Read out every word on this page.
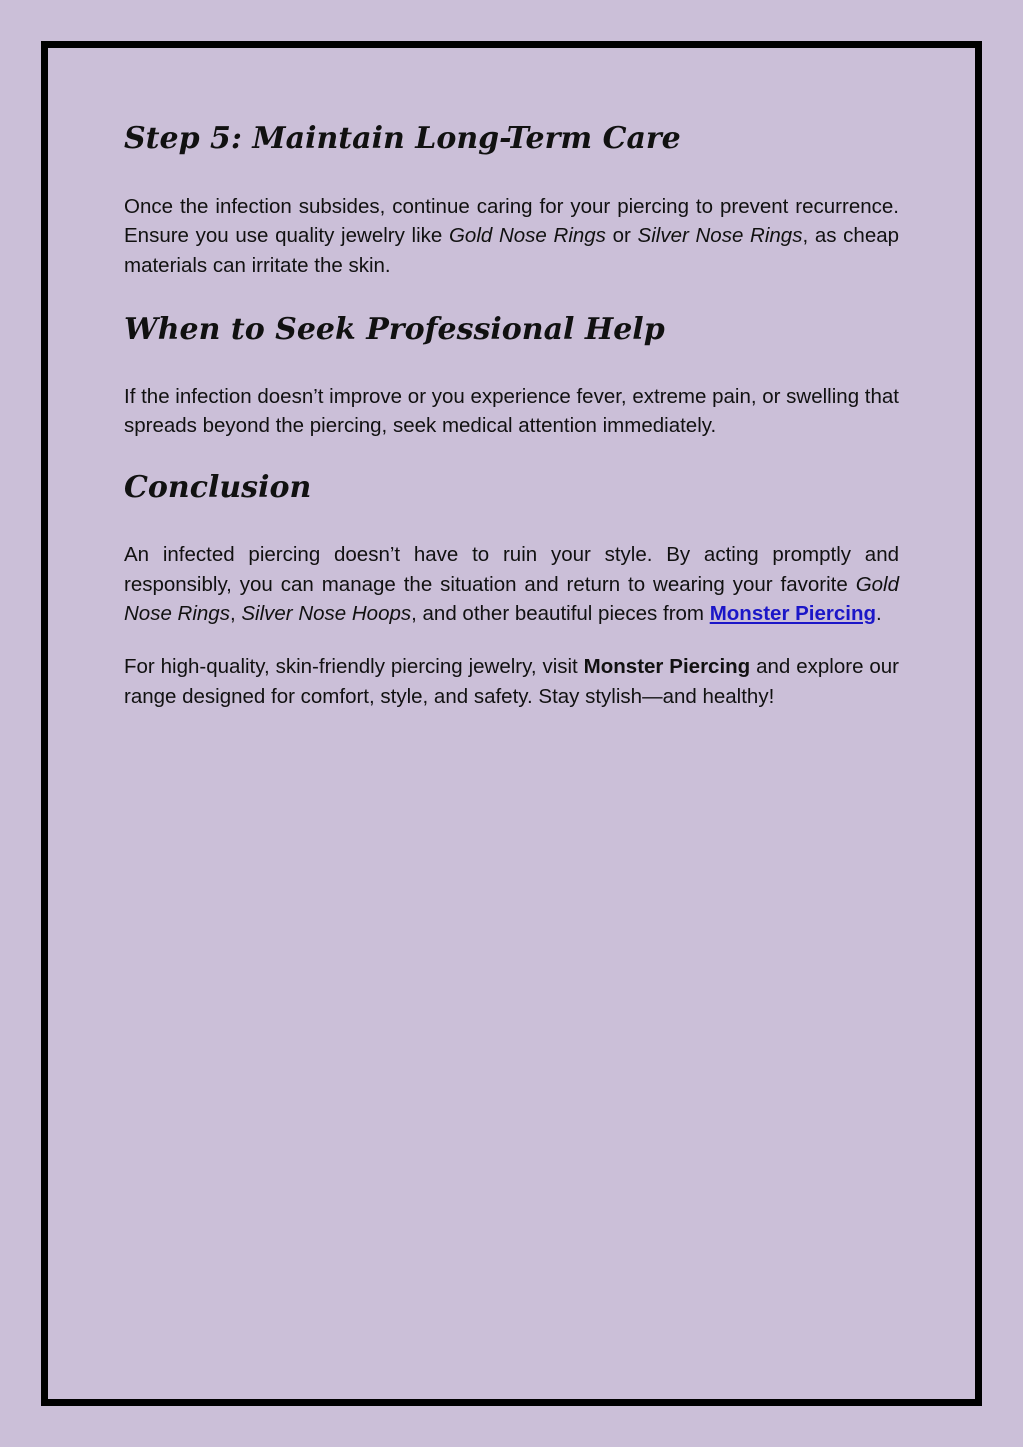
Step 5: Maintain Long-Term Care

Once the infection subsides, continue caring for your piercing to prevent recurrence. Ensure you use quality jewelry like Gold Nose Rings or Silver Nose Rings, as cheap materials can irritate the skin.

When to Seek Professional Help

If the infection doesn’t improve or you experience fever, extreme pain, or swelling that spreads beyond the piercing, seek medical attention immediately.

Conclusion

An infected piercing doesn’t have to ruin your style. By acting promptly and responsibly, you can manage the situation and return to wearing your favorite Gold Nose Rings, Silver Nose Hoops, and other beautiful pieces from Monster Piercing.

For high-quality, skin-friendly piercing jewelry, visit Monster Piercing and explore our range designed for comfort, style, and safety. Stay stylish—and healthy!
